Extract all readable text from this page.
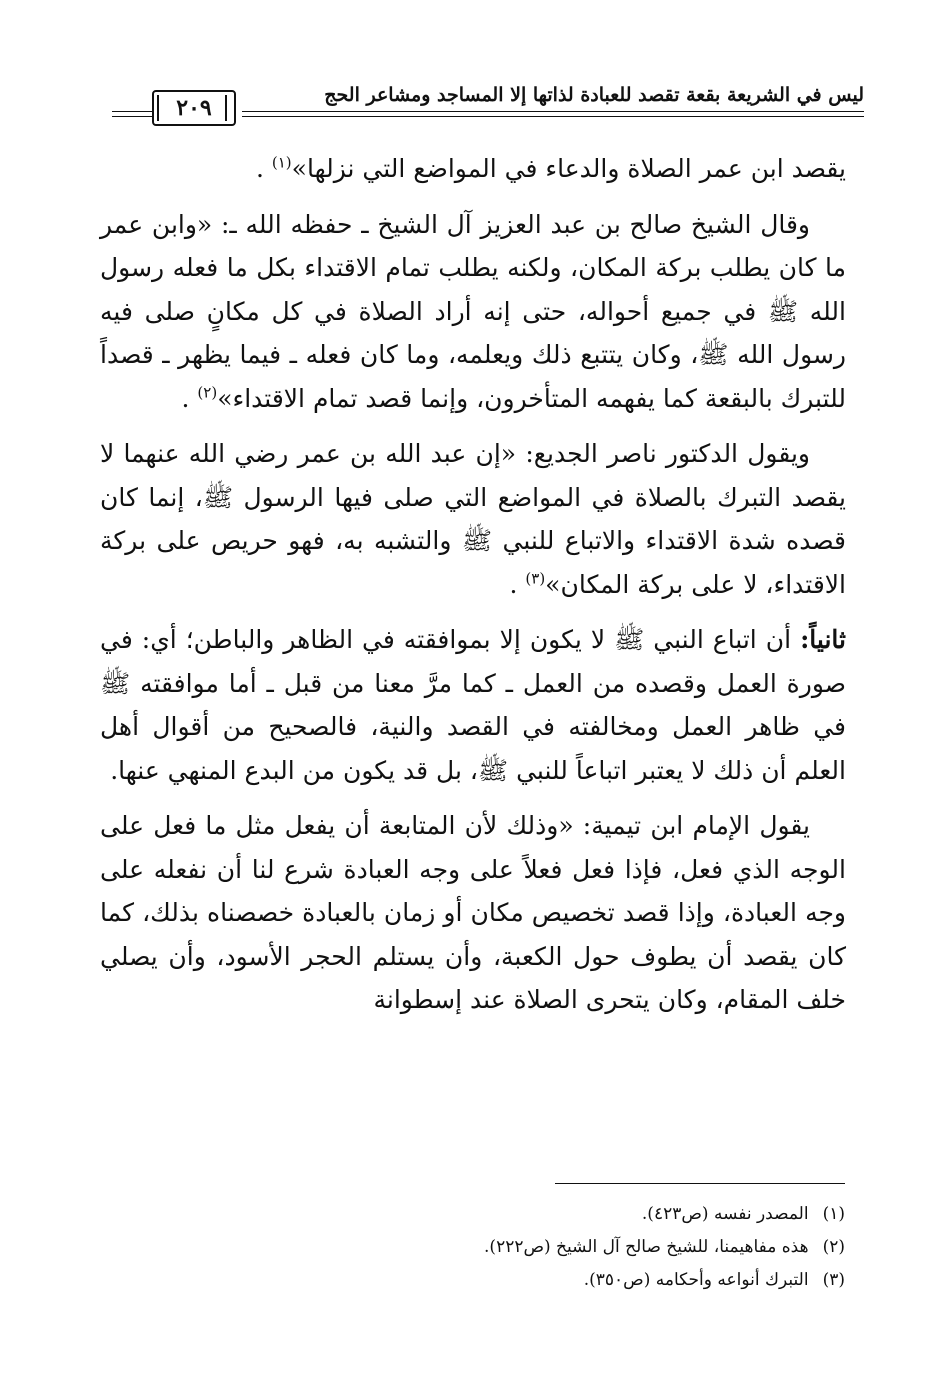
ليس في الشريعة بقعة تقصد للعبادة لذاتها إلا المساجد ومشاعر الحج
٢٠٩

يقصد ابن عمر الصلاة والدعاء في المواضع التي نزلها»$^{(١)}$ .

وقال الشيخ صالح بن عبد العزيز آل الشيخ ـ حفظه الله ـ: «وابن عمر ما كان يطلب بركة المكان، ولكنه يطلب تمام الاقتداء بكل ما فعله رسول الله ﷺ في جميع أحواله، حتى إنه أراد الصلاة في كل مكانٍ صلى فيه رسول الله ﷺ، وكان يتتبع ذلك ويعلمه، وما كان فعله ـ فيما يظهر ـ قصداً للتبرك بالبقعة كما يفهمه المتأخرون، وإنما قصد تمام الاقتداء»$^{(٢)}$ .

ويقول الدكتور ناصر الجديع: «إن عبد الله بن عمر رضي الله عنهما لا يقصد التبرك بالصلاة في المواضع التي صلى فيها الرسول ﷺ، إنما كان قصده شدة الاقتداء والاتباع للنبي ﷺ والتشبه به، فهو حريص على بركة الاقتداء، لا على بركة المكان»$^{(٣)}$ .

ثانياً: أن اتباع النبي ﷺ لا يكون إلا بموافقته في الظاهر والباطن؛ أي: في صورة العمل وقصده من العمل ـ كما مرَّ معنا من قبل ـ أما موافقته ﷺ في ظاهر العمل ومخالفته في القصد والنية، فالصحيح من أقوال أهل العلم أن ذلك لا يعتبر اتباعاً للنبي ﷺ، بل قد يكون من البدع المنهي عنها.

يقول الإمام ابن تيمية: «وذلك لأن المتابعة أن يفعل مثل ما فعل على الوجه الذي فعل، فإذا فعل فعلاً على وجه العبادة شرع لنا أن نفعله على وجه العبادة، وإذا قصد تخصيص مكان أو زمان بالعبادة خصصناه بذلك، كما كان يقصد أن يطوف حول الكعبة، وأن يستلم الحجر الأسود، وأن يصلي خلف المقام، وكان يتحرى الصلاة عند إسطوانة

(١)
المصدر نفسه (ص٤٢٣).
(٢)
هذه مفاهيمنا، للشيخ صالح آل الشيخ (ص٢٢٢).
(٣)
التبرك أنواعه وأحكامه (ص٣٥٠).
